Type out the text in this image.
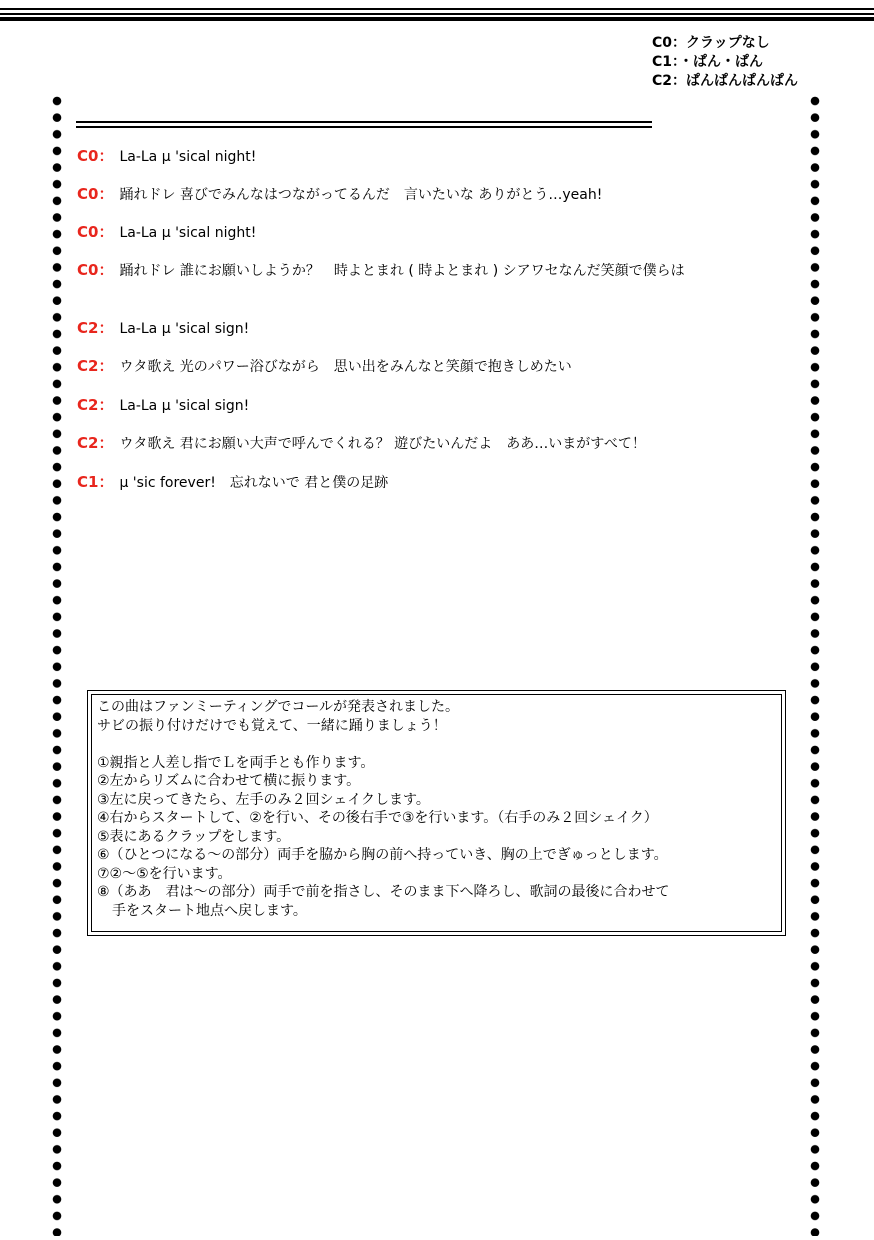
C0：クラップなし
C1：・ぱん・ぱん
C2：ぱんぱんぱんぱん
C0： La-La μ 'sical night!
C0： 踊れドレ 喜びでみんなはつながってるんだ　言いたいな ありがとう…yeah!
C0： La-La μ 'sical night!
C0： 踊れドレ 誰にお願いしようか？　時よとまれ ( 時よとまれ ) シアワセなんだ笑顔で僕らは
C2： La-La μ 'sical sign!
C2： ウタ歌え 光のパワー浴びながら　思い出をみんなと笑顔で抱きしめたい
C2： La-La μ 'sical sign!
C2： ウタ歌え 君にお願い大声で呼んでくれる？ 遊びたいんだよ　ああ…いまがすべて！
C1： μ 'sic forever!　忘れないで 君と僕の足跡
この曲はファンミーティングでコールが発表されました。
サビの振り付けだけでも覚えて、一緒に踊りましょう！
①親指と人差し指でＬを両手とも作ります。
②左からリズムに合わせて横に振ります。
③左に戻ってきたら、左手のみ２回シェイクします。
④右からスタートして、②を行い、その後右手で③を行います。（右手のみ２回シェイク）
⑤表にあるクラップをします。
⑥（ひとつになる～の部分）両手を脇から胸の前へ持っていき、胸の上でぎゅっとします。
⑦②～⑤を行います。
⑧（ああ　君は～の部分）両手で前を指さし、そのまま下へ降ろし、歌詞の最後に合わせて
手をスタート地点へ戻します。
